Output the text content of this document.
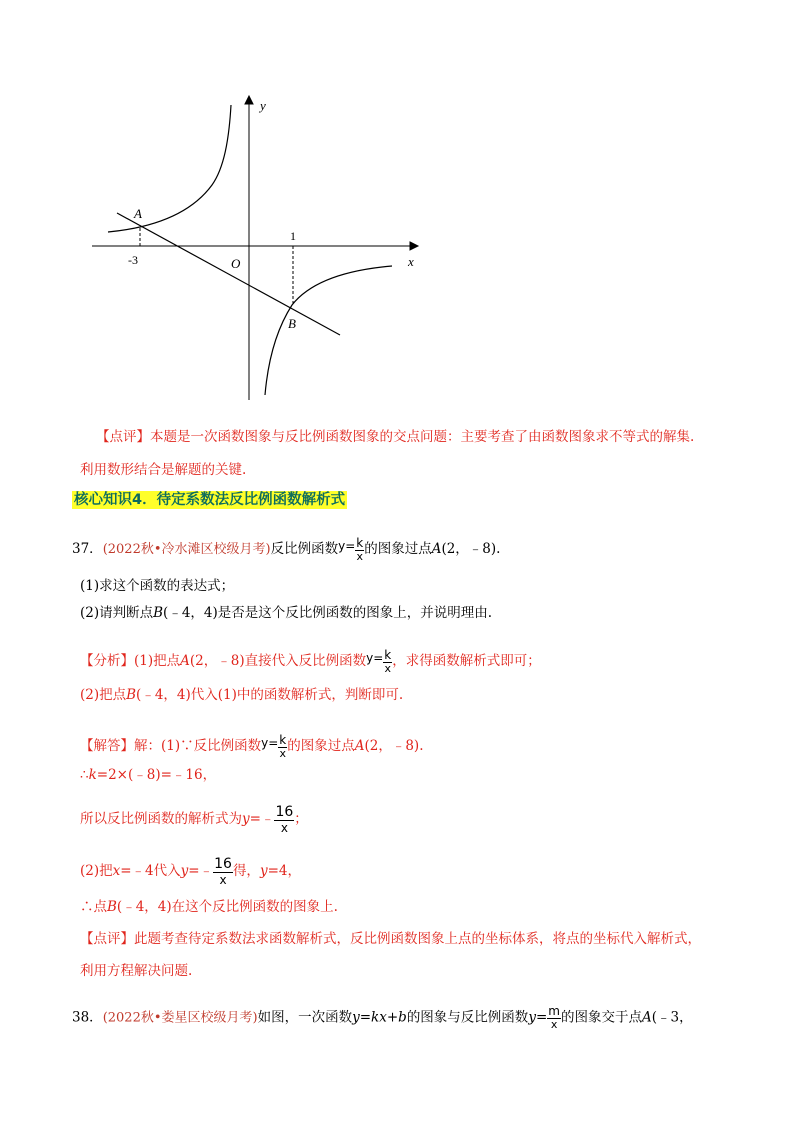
y
x
O
A
B
-3
1
【点评】本题是一次函数图象与反比例函数图象的交点问题：主要考查了由函数图象求不等式的解集.
利用数形结合是解题的关键.
核心知识4．待定系数法反比例函数解析式
37．(2022秋•冷水滩区校级月考)反比例函数$y= \frac{k}{x}$ 的图象过点A(2，﹣8).
(1)求这个函数的表达式；
(2)请判断点B(﹣4，4)是否是这个反比例函数的图象上，并说明理由.
【分析】(1)把点A(2，﹣8)直接代入反比例函数$y= \frac{k}{x}$ ，求得函数解析式即可；
(2)把点B(﹣4，4)代入(1)中的函数解析式，判断即可.
【解答】解：(1)∵反比例函数$y= \frac{k}{x}$ 的图象过点A(2，﹣8).
∴k=2×(﹣8)=﹣16，
所以反比例函数的解析式为y=﹣ $\frac{16}{x}$ ；
(2)把x=﹣4代入y=﹣ $\frac{16}{x}$ 得，y=4，
∴点B(﹣4，4)在这个反比例函数的图象上.
【点评】此题考查待定系数法求函数解析式，反比例函数图象上点的坐标体系，将点的坐标代入解析式，
利用方程解决问题.
38．(2022秋•娄星区校级月考)如图，一次函数y=kx+b的图象与反比例函数$y= \frac{m}{x}$ 的图象交于点A(﹣3，
